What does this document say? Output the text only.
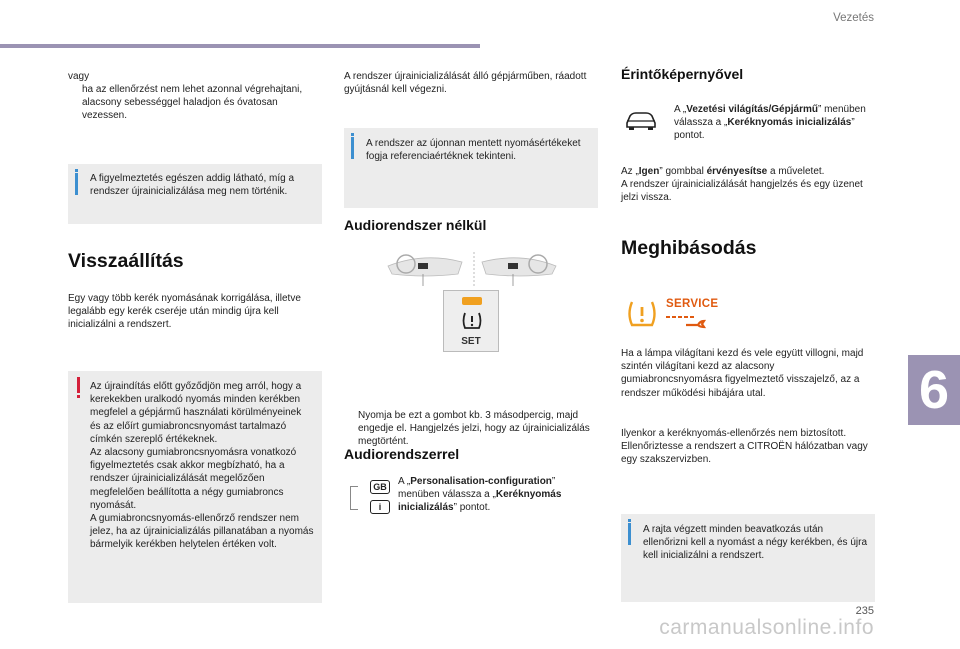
Vezetés
6
235
carmanualsonline.info
vagy
ha az ellenőrzést nem lehet azonnal végrehajtani, alacsony sebességgel haladjon és óvatosan vezessen.
A figyelmeztetés egészen addig látható, míg a rendszer újrainicializálása meg nem történik.
Visszaállítás
Egy vagy több kerék nyomásának korrigálása, illetve legalább egy kerék cseréje után mindig újra kell inicializálni a rendszert.
Az újraindítás előtt győződjön meg arról, hogy a kerekekben uralkodó nyomás minden kerékben megfelel a gépjármű használati körülményeinek és az előírt gumiabroncsnyomást tartalmazó címkén szereplő értékeknek.
Az alacsony gumiabroncsnyomásra vonatkozó figyelmeztetés csak akkor megbízható, ha a rendszer újrainicializálását megelőzően megfelelően beállította a négy gumiabroncs nyomását.
A gumiabroncsnyomás-ellenőrző rendszer nem jelez, ha az újrainicializálás pillanatában a nyomás bármelyik kerékben helytelen értéken volt.
A rendszer újrainicializálását álló gépjárműben, ráadott gyújtásnál kell végezni.
A rendszer az újonnan mentett nyomásértékeket fogja referenciaértéknek tekinteni.
Audiorendszer nélkül
SET
Nyomja be ezt a gombot kb. 3 másodpercig, majd engedje el. Hangjelzés jelzi, hogy az újrainicializálás megtörtént.
Audiorendszerrel
GB
i
A „Personalisation-configuration” menüben válassza a „Keréknyomás inicializálás” pontot.
Érintőképernyővel
A „Vezetési világítás/Gépjármű” menüben válassza a „Keréknyomás inicializálás” pontot.
Az „Igen” gombbal érvényesítse a műveletet.
A rendszer újrainicializálását hangjelzés és egy üzenet jelzi vissza.
Meghibásodás
SERVICE
Ha a lámpa világítani kezd és vele együtt villogni, majd szintén világítani kezd az alacsony gumiabroncsnyomásra figyelmeztető visszajelző, az a rendszer működési hibájára utal.
Ilyenkor a keréknyomás-ellenőrzés nem biztosított.
Ellenőriztesse a rendszert a CITROËN hálózatban vagy egy szakszervizben.
A rajta végzett minden beavatkozás után ellenőrizni kell a nyomást a négy kerékben, és újra kell inicializálni a rendszert.
